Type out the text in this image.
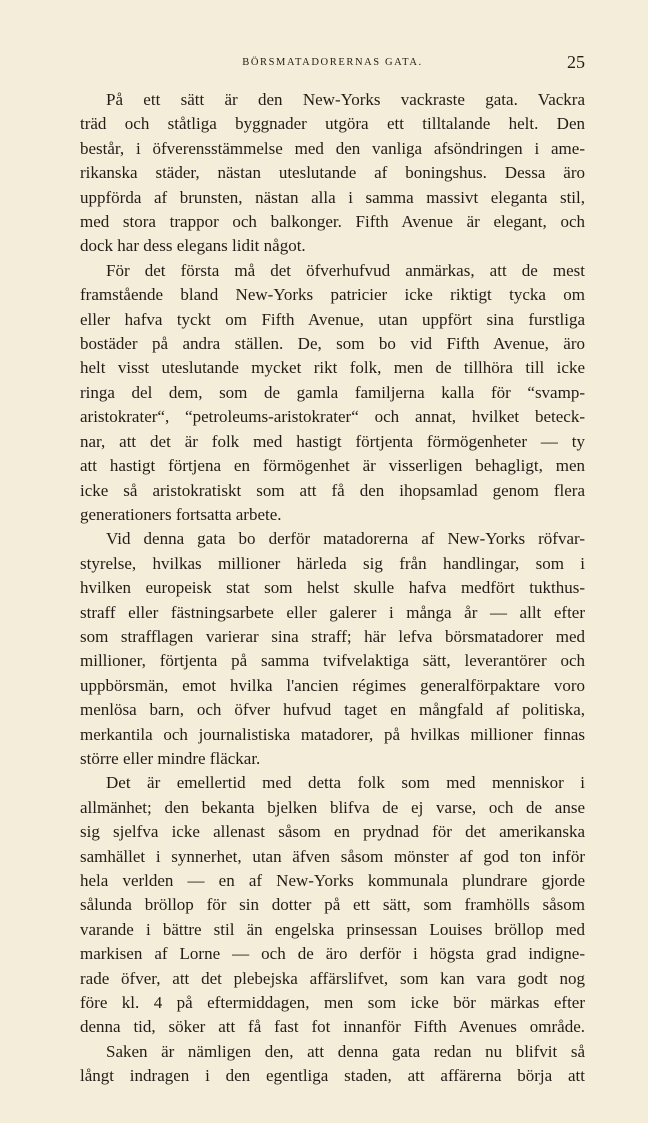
BÖRSMATADORERNAS GATA.	25

På ett sätt är den New-Yorks vackraste gata. Vackra
träd och ståtliga byggnader utgöra ett tilltalande helt. Den
består, i öfverensstämmelse med den vanliga afsöndringen i ame-
rikanska städer, nästan uteslutande af boningshus. Dessa äro
uppförda af brunsten, nästan alla i samma massivt eleganta stil,
med stora trappor och balkonger. Fifth Avenue är elegant, och
dock har dess elegans lidit något.

För det första må det öfverhufvud anmärkas, att de mest
framstående bland New-Yorks patricier icke riktigt tycka om
eller hafva tyckt om Fifth Avenue, utan uppfört sina furstliga
bostäder på andra ställen. De, som bo vid Fifth Avenue, äro
helt visst uteslutande mycket rikt folk, men de tillhöra till icke
ringa del dem, som de gamla familjerna kalla för “svamp-
aristokrater“, “petroleums-aristokrater“ och annat, hvilket beteck-
nar, att det är folk med hastigt förtjenta förmögenheter — ty
att hastigt förtjena en förmögenhet är visserligen behagligt, men
icke så aristokratiskt som att få den ihopsamlad genom flera
generationers fortsatta arbete.

Vid denna gata bo derför matadorerna af New-Yorks röfvar-
styrelse, hvilkas millioner härleda sig från handlingar, som i
hvilken europeisk stat som helst skulle hafva medfört tukthus-
straff eller fästningsarbete eller galerer i många år — allt efter
som strafflagen varierar sina straff; här lefva börsmatadorer med
millioner, förtjenta på samma tvifvelaktiga sätt, leverantörer och
uppbörsmän, emot hvilka l'ancien régimes generalförpaktare voro
menlösa barn, och öfver hufvud taget en mångfald af politiska,
merkantila och journalistiska matadorer, på hvilkas millioner finnas
större eller mindre fläckar.

Det är emellertid med detta folk som med menniskor i
allmänhet; den bekanta bjelken blifva de ej varse, och de anse
sig sjelfva icke allenast såsom en prydnad för det amerikanska
samhället i synnerhet, utan äfven såsom mönster af god ton inför
hela verlden — en af New-Yorks kommunala plundrare gjorde
sålunda bröllop för sin dotter på ett sätt, som framhölls såsom
varande i bättre stil än engelska prinsessan Louises bröllop med
markisen af Lorne — och de äro derför i högsta grad indigne-
rade öfver, att det plebejska affärslifvet, som kan vara godt nog
före kl. 4 på eftermiddagen, men som icke bör märkas efter
denna tid, söker att få fast fot innanför Fifth Avenues område.

Saken är nämligen den, att denna gata redan nu blifvit så
långt indragen i den egentliga staden, att affärerna börja att
